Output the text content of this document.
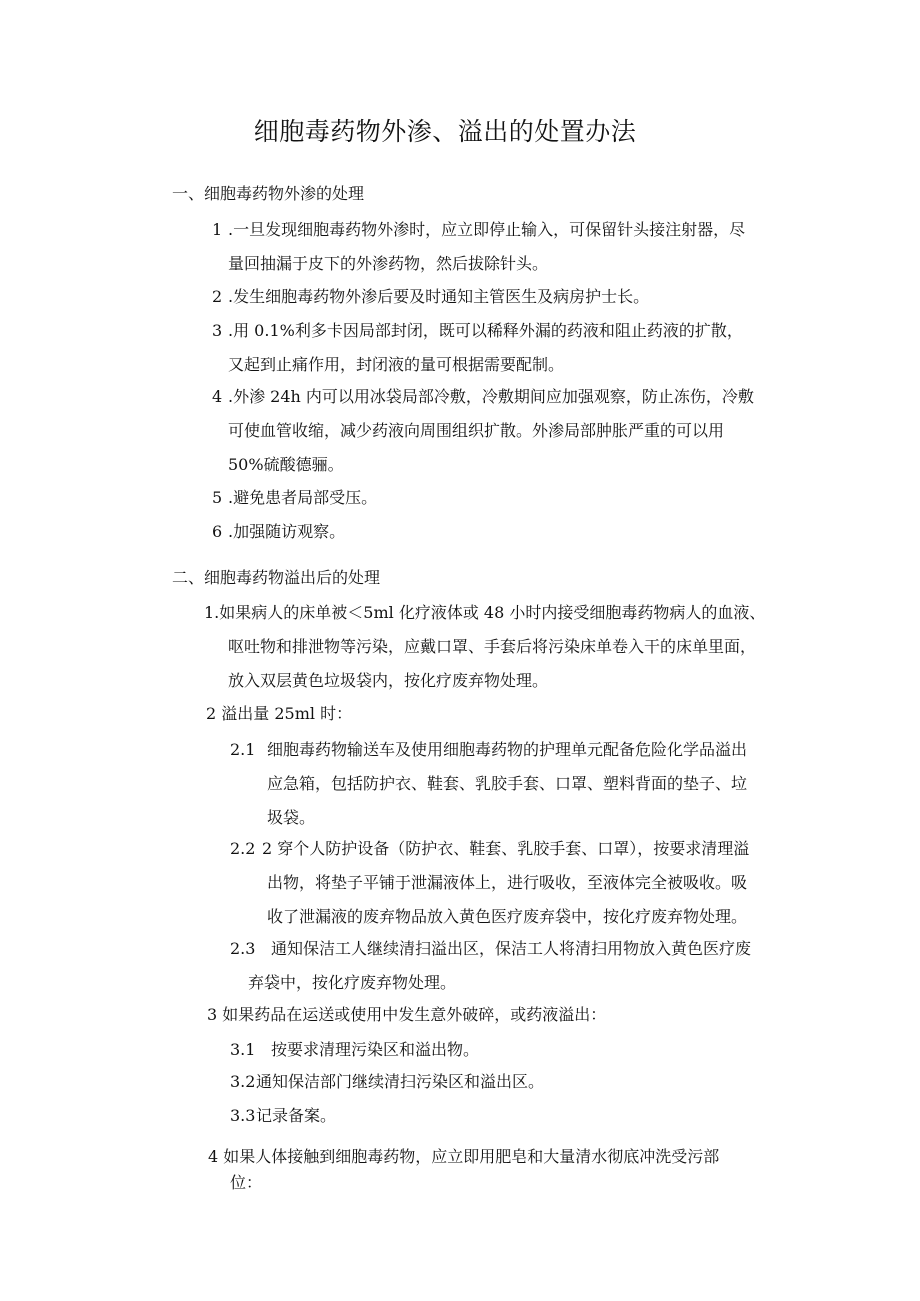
细胞毒药物外渗、溢出的处置办法
一、细胞毒药物外渗的处理
1 .一旦发现细胞毒药物外渗时，应立即停止输入，可保留针头接注射器，尽
量回抽漏于皮下的外渗药物，然后拔除针头。
2 .发生细胞毒药物外渗后要及时通知主管医生及病房护士长。
3 .用 0.1%利多卡因局部封闭，既可以稀释外漏的药液和阻止药液的扩散，
又起到止痛作用，封闭液的量可根据需要配制。
4 .外渗 24h 内可以用冰袋局部冷敷，冷敷期间应加强观察，防止冻伤，冷敷
可使血管收缩，减少药液向周围组织扩散。外渗局部肿胀严重的可以用
50%硫酸德骊。
5 .避免患者局部受压。
6 .加强随访观察。
二、细胞毒药物溢出后的处理
1.如果病人的床单被＜5ml 化疗液体或 48 小时内接受细胞毒药物病人的血液、
呕吐物和排泄物等污染，应戴口罩、手套后将污染床单卷入干的床单里面，
放入双层黄色垃圾袋内，按化疗废弃物处理。
2 溢出量 25ml 时：
2.1 细胞毒药物输送车及使用细胞毒药物的护理单元配备危险化学品溢出
应急箱，包括防护衣、鞋套、乳胶手套、口罩、塑料背面的垫子、垃
圾袋。
2.2 2 穿个人防护设备（防护衣、鞋套、乳胶手套、口罩），按要求清理溢
出物，将垫子平铺于泄漏液体上，进行吸收，至液体完全被吸收。吸
收了泄漏液的废弃物品放入黄色医疗废弃袋中，按化疗废弃物处理。
2.3 通知保洁工人继续清扫溢出区，保洁工人将清扫用物放入黄色医疗废
弃袋中，按化疗废弃物处理。
3 如果药品在运送或使用中发生意外破碎，或药液溢出：
3.1 按要求清理污染区和溢出物。
3.2通知保洁部门继续清扫污染区和溢出区。
3.3记录备案。
4 如果人体接触到细胞毒药物，应立即用肥皂和大量清水彻底冲洗受污部
位：
